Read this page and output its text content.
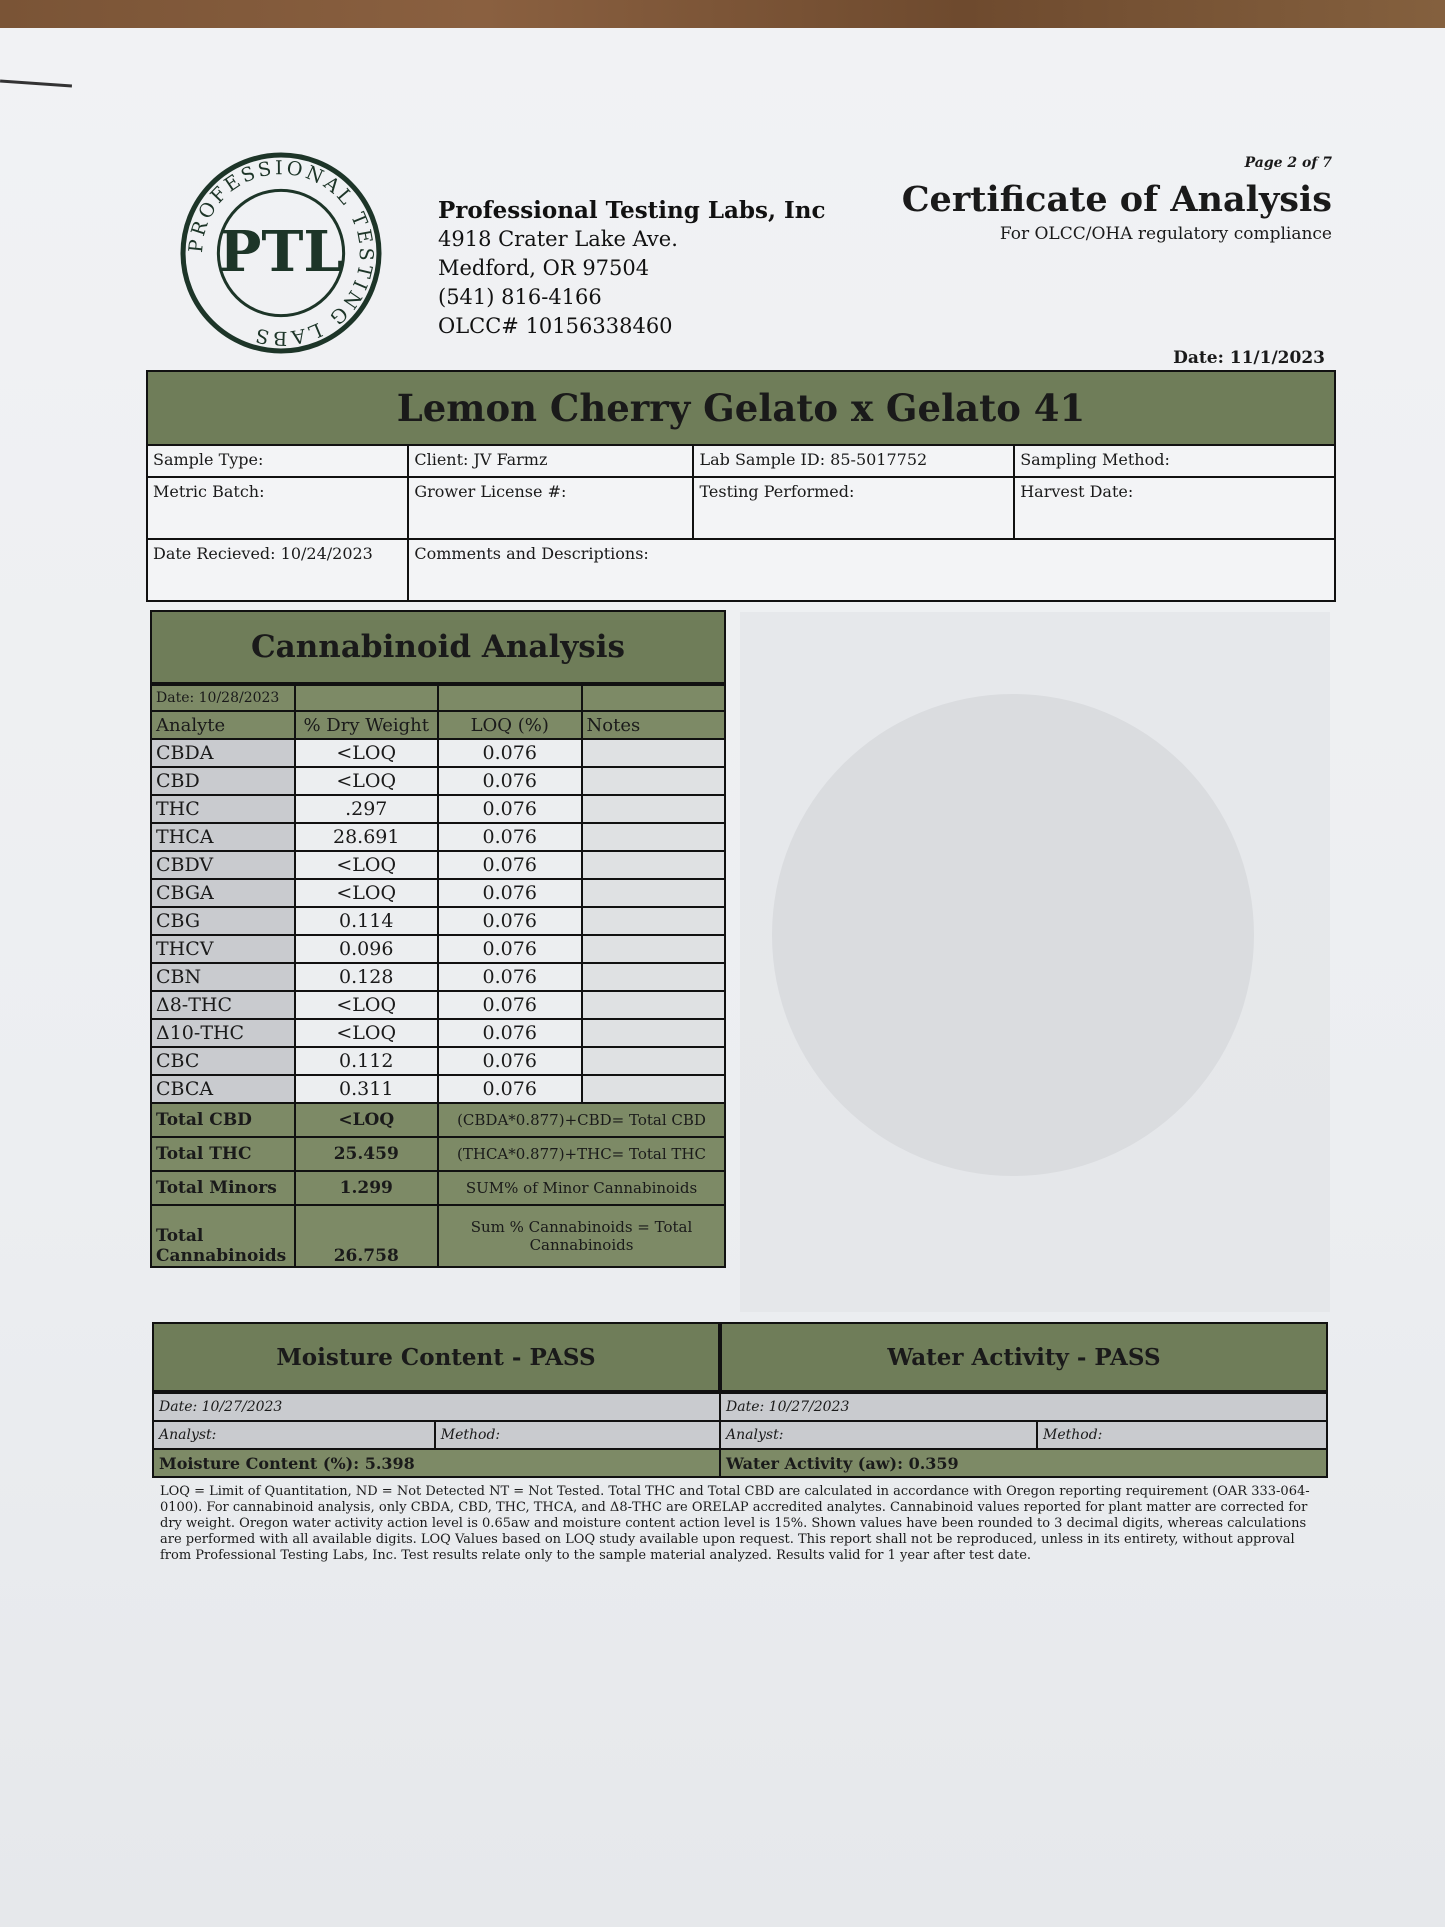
PROFESSIONAL TESTING LABS
PTL
Professional Testing Labs, Inc
4918 Crater Lake Ave.
Medford, OR 97504
(541) 816-4166
OLCC# 10156338460
Page 2 of 7
Certificate of Analysis
For OLCC/OHA regulatory compliance
Date: 11/1/2023
Lemon Cherry Gelato x Gelato 41
Sample Type:	Client: JV Farmz	Lab Sample ID: 85-5017752	Sampling Method:
Metric Batch:	Grower License #:	Testing Performed:	Harvest Date:
Date Recieved: 10/24/2023	Comments and Descriptions:		
Cannabinoid Analysis
Date: 10/28/2023			
Analyte	% Dry Weight	LOQ (%)	Notes
CBDA	<LOQ	0.076	
CBD	<LOQ	0.076	
THC	.297	0.076	
THCA	28.691	0.076	
CBDV	<LOQ	0.076	
CBGA	<LOQ	0.076	
CBG	0.114	0.076	
THCV	0.096	0.076	
CBN	0.128	0.076	
Δ8-THC	<LOQ	0.076	
Δ10-THC	<LOQ	0.076	
CBC	0.112	0.076	
CBCA	0.311	0.076	
Total CBD	<LOQ	(CBDA*0.877)+CBD= Total CBD	
Total THC	25.459	(THCA*0.877)+THC= Total THC	
Total Minors	1.299	SUM% of Minor Cannabinoids	
Total Cannabinoids	26.758	Sum % Cannabinoids = Total Cannabinoids	
Moisture Content - PASS	Water Activity - PASS
Date: 10/27/2023		Date: 10/27/2023	
Analyst:	Method:	Analyst:	Method:
Moisture Content (%): 5.398		Water Activity (aw): 0.359	
LOQ = Limit of Quantitation, ND = Not Detected NT = Not Tested. Total THC and Total CBD are calculated in accordance with Oregon reporting requirement (OAR 333-064-0100). For cannabinoid analysis, only CBDA, CBD, THC, THCA, and Δ8-THC are ORELAP accredited analytes. Cannabinoid values reported for plant matter are corrected for dry weight. Oregon water activity action level is 0.65aw and moisture content action level is 15%. Shown values have been rounded to 3 decimal digits, whereas calculations are performed with all available digits. LOQ Values based on LOQ study available upon request. This report shall not be reproduced, unless in its entirety, without approval from Professional Testing Labs, Inc. Test results relate only to the sample material analyzed. Results valid for 1 year after test date.
